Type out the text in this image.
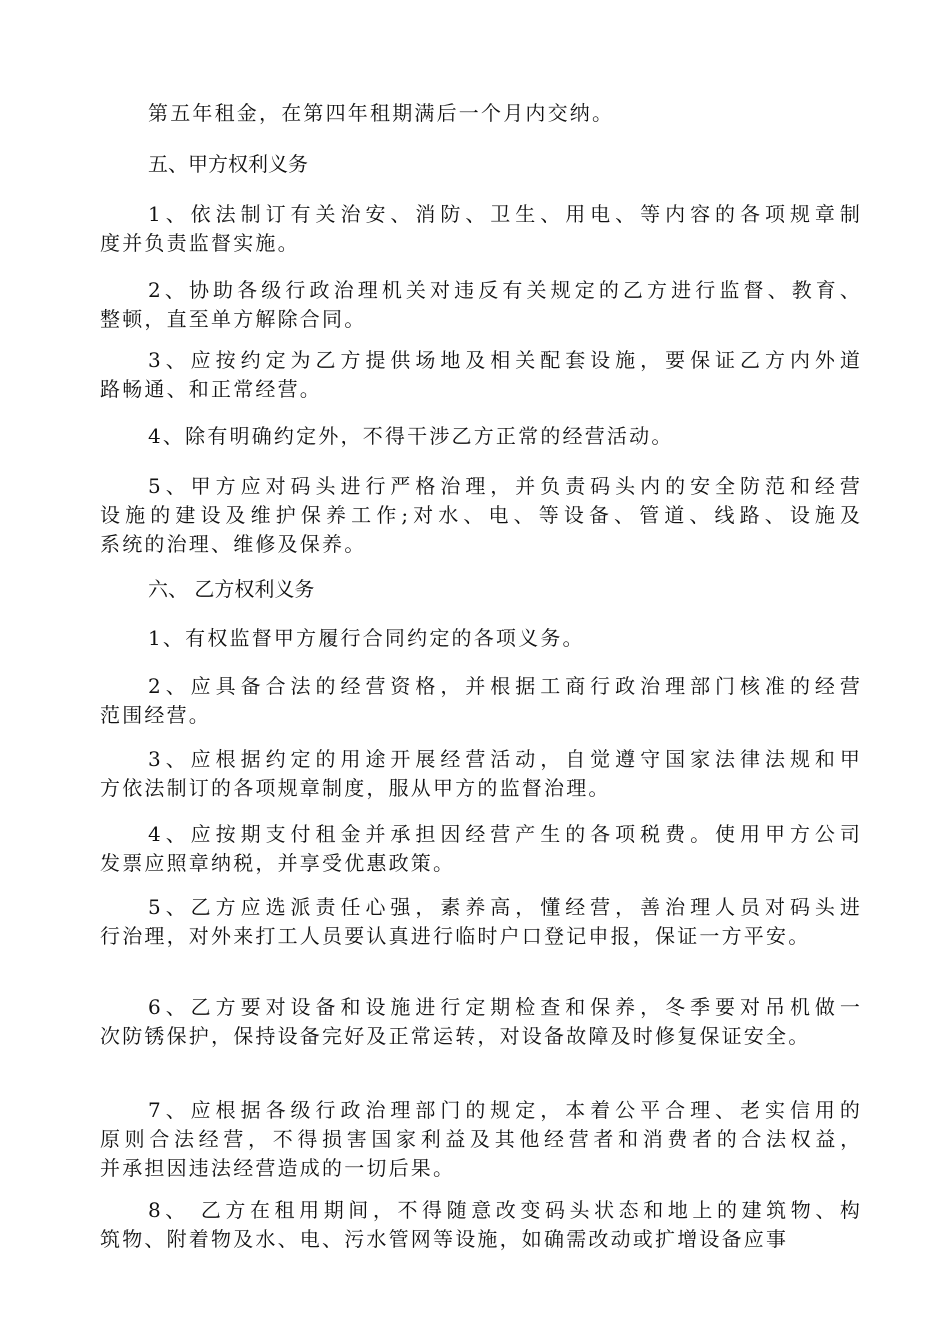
第五年租金，在第四年租期满后一个月内交纳。

五、甲方权利义务

1、依法制订有关治安、消防、卫生、用电、等内容的各项规章制
度并负责监督实施。

2、协助各级行政治理机关对违反有关规定的乙方进行监督、教育、
整顿，直至单方解除合同。

3、应按约定为乙方提供场地及相关配套设施，要保证乙方内外道
路畅通、和正常经营。

4、除有明确约定外，不得干涉乙方正常的经营活动。

5、甲方应对码头进行严格治理，并负责码头内的安全防范和经营
设施的建设及维护保养工作;对水、电、等设备、管道、线路、设施及
系统的治理、维修及保养。

六、 乙方权利义务

1、有权监督甲方履行合同约定的各项义务。

2、应具备合法的经营资格，并根据工商行政治理部门核准的经营
范围经营。

3、应根据约定的用途开展经营活动，自觉遵守国家法律法规和甲
方依法制订的各项规章制度，服从甲方的监督治理。

4、应按期支付租金并承担因经营产生的各项税费。使用甲方公司
发票应照章纳税，并享受优惠政策。

5、乙方应选派责任心强，素养高，懂经营，善治理人员对码头进
行治理，对外来打工人员要认真进行临时户口登记申报，保证一方平安。

6、乙方要对设备和设施进行定期检查和保养，冬季要对吊机做一
次防锈保护，保持设备完好及正常运转，对设备故障及时修复保证安全。

7、应根据各级行政治理部门的规定，本着公平合理、老实信用的
原则合法经营，不得损害国家利益及其他经营者和消费者的合法权益，
并承担因违法经营造成的一切后果。

8、 乙方在租用期间，不得随意改变码头状态和地上的建筑物、构
筑物、附着物及水、电、污水管网等设施，如确需改动或扩增设备应事
